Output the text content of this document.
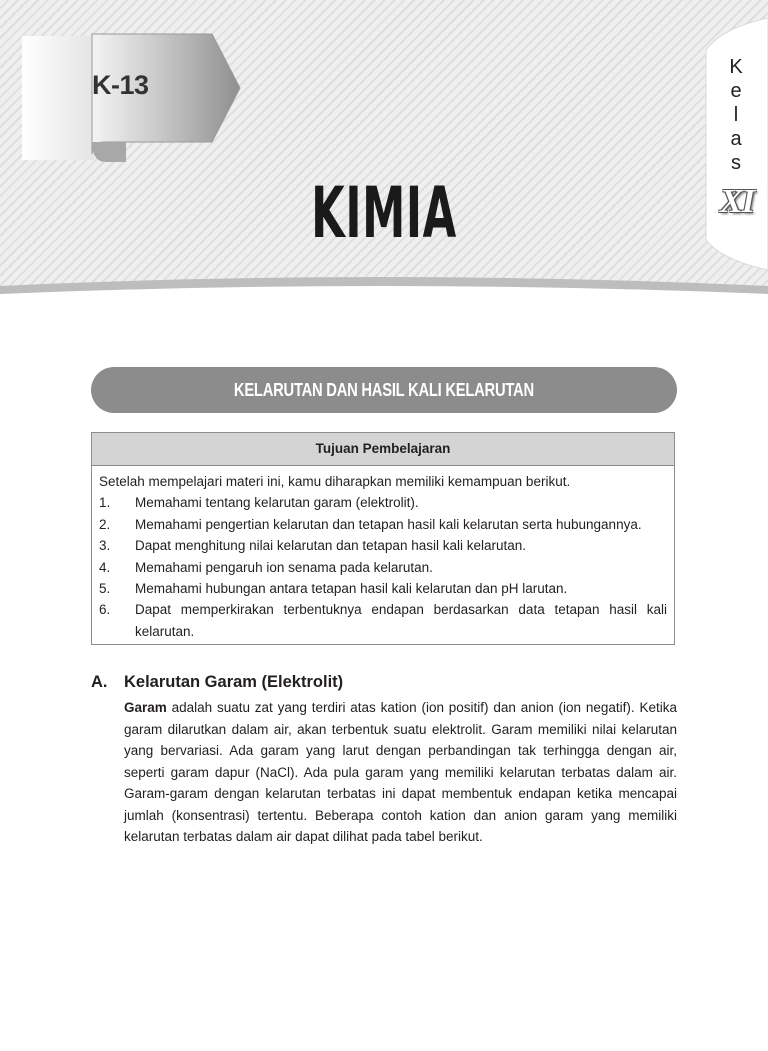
K-13
KIMIA
K
e
l
a
s
XI
KELARUTAN DAN HASIL KALI KELARUTAN
Tujuan Pembelajaran
Setelah mempelajari materi ini, kamu diharapkan memiliki kemampuan berikut.
1.	Memahami tentang kelarutan garam (elektrolit).
2.	Memahami pengertian kelarutan dan tetapan hasil kali kelarutan serta hubungannya.
3.	Dapat menghitung nilai kelarutan dan tetapan hasil kali kelarutan.
4.	Memahami pengaruh ion senama pada kelarutan.
5.	Memahami hubungan antara tetapan hasil kali kelarutan dan pH larutan.
6.	Dapat memperkirakan terbentuknya endapan berdasarkan data tetapan hasil kali kelarutan.
A.	Kelarutan Garam (Elektrolit)
Garam adalah suatu zat yang terdiri atas kation (ion positif) dan anion (ion negatif). Ketika garam dilarutkan dalam air, akan terbentuk suatu elektrolit. Garam memiliki nilai kelarutan yang bervariasi. Ada garam yang larut dengan perbandingan tak terhingga dengan air, seperti garam dapur (NaCl). Ada pula garam yang memiliki kelarutan terbatas dalam air. Garam-garam dengan kelarutan terbatas ini dapat membentuk endapan ketika mencapai jumlah (konsentrasi) tertentu. Beberapa contoh kation dan anion garam yang memiliki kelarutan terbatas dalam air dapat dilihat pada tabel berikut.
